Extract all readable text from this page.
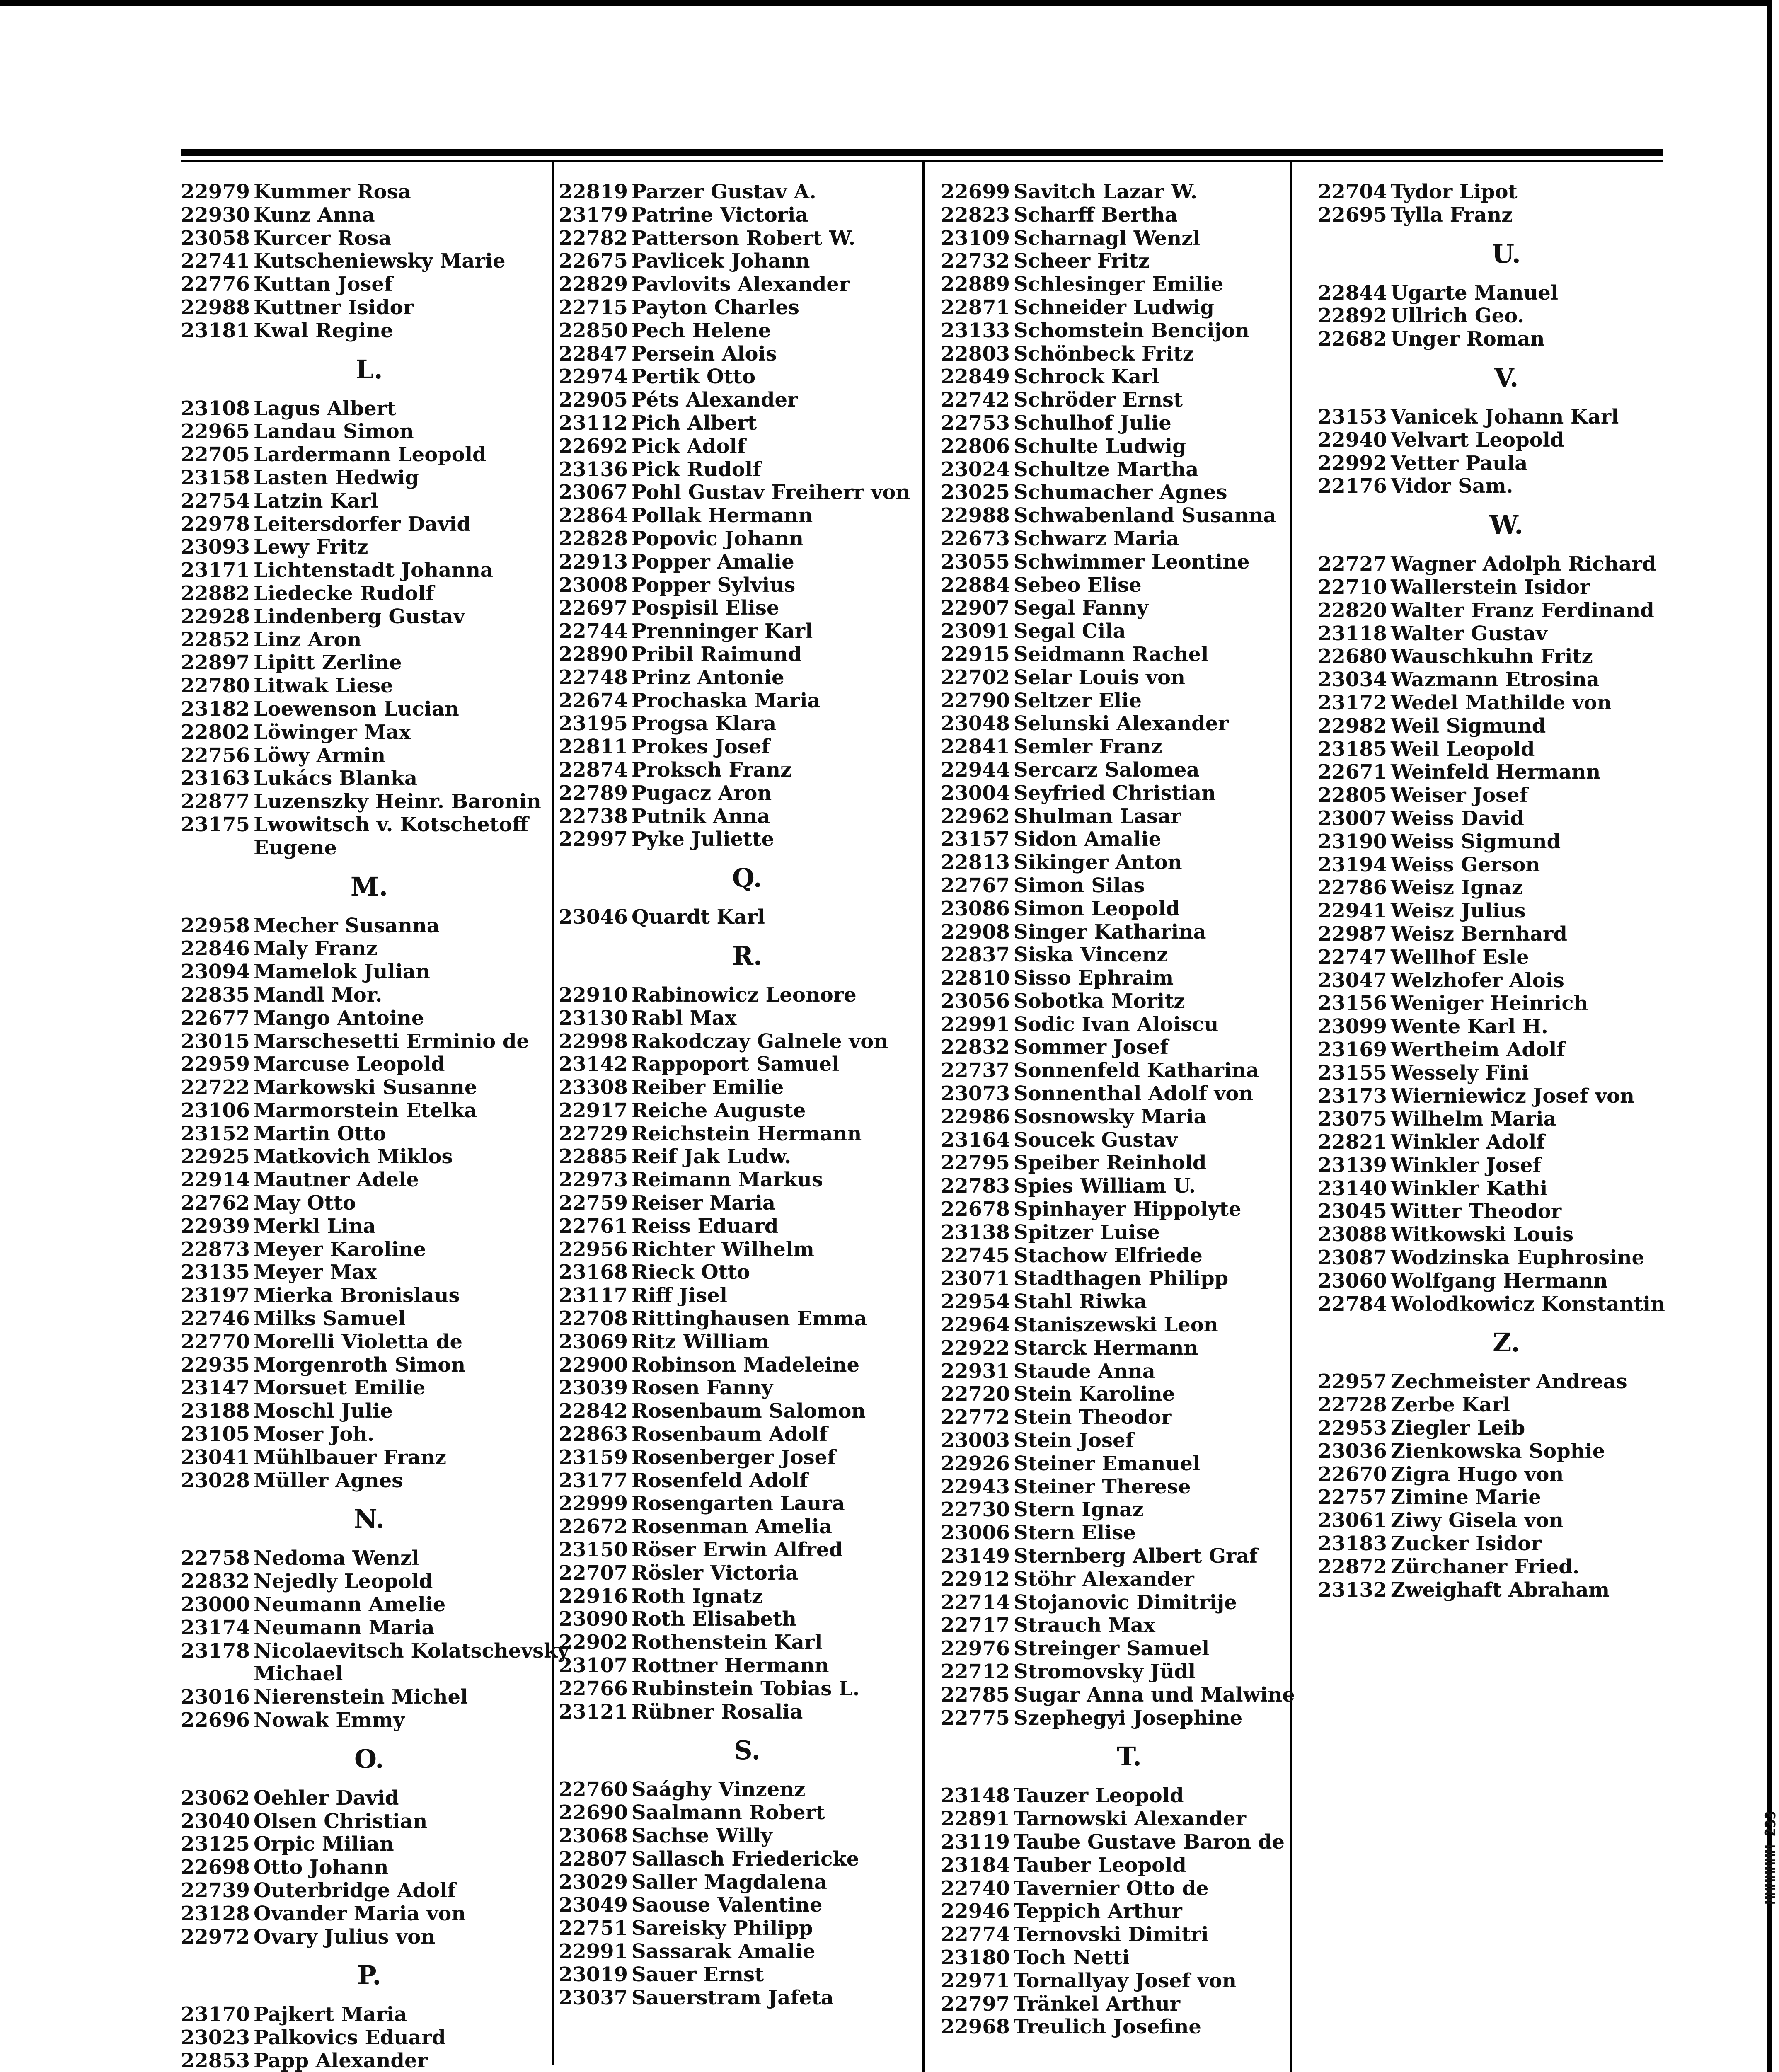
22979 Kummer Rosa
22930 Kunz Anna
23058 Kurcer Rosa
22741 Kutscheniewsky Marie
22776 Kuttan Josef
22988 Kuttner Isidor
23181 Kwal Regine
L.
23108 Lagus Albert
22965 Landau Simon
22705 Lardermann Leopold
23158 Lasten Hedwig
22754 Latzin Karl
22978 Leitersdorfer David
23093 Lewy Fritz
23171 Lichtenstadt Johanna
22882 Liedecke Rudolf
22928 Lindenberg Gustav
22852 Linz Aron
22897 Lipitt Zerline
22780 Litwak Liese
23182 Loewenson Lucian
22802 Löwinger Max
22756 Löwy Armin
23163 Lukács Blanka
22877 Luzenszky Heinr. Baronin
23175 Lwowitsch v. Kotschetoff
Eugene
M.
22958 Mecher Susanna
22846 Maly Franz
23094 Mamelok Julian
22835 Mandl Mor.
22677 Mango Antoine
23015 Marschesetti Erminio de
22959 Marcuse Leopold
22722 Markowski Susanne
23106 Marmorstein Etelka
23152 Martin Otto
22925 Matkovich Miklos
22914 Mautner Adele
22762 May Otto
22939 Merkl Lina
22873 Meyer Karoline
23135 Meyer Max
23197 Mierka Bronislaus
22746 Milks Samuel
22770 Morelli Violetta de
22935 Morgenroth Simon
23147 Morsuet Emilie
23188 Moschl Julie
23105 Moser Joh.
23041 Mühlbauer Franz
23028 Müller Agnes
N.
22758 Nedoma Wenzl
22832 Nejedly Leopold
23000 Neumann Amelie
23174 Neumann Maria
23178 Nicolaevitsch Kolatschevsky
Michael
23016 Nierenstein Michel
22696 Nowak Emmy
O.
23062 Oehler David
23040 Olsen Christian
23125 Orpic Milian
22698 Otto Johann
22739 Outerbridge Adolf
23128 Ovander Maria von
22972 Ovary Julius von
P.
23170 Pajkert Maria
23023 Palkovics Eduard
22853 Papp Alexander
22819 Parzer Gustav A.
23179 Patrine Victoria
22782 Patterson Robert W.
22675 Pavlicek Johann
22829 Pavlovits Alexander
22715 Payton Charles
22850 Pech Helene
22847 Persein Alois
22974 Pertik Otto
22905 Péts Alexander
23112 Pich Albert
22692 Pick Adolf
23136 Pick Rudolf
23067 Pohl Gustav Freiherr von
22864 Pollak Hermann
22828 Popovic Johann
22913 Popper Amalie
23008 Popper Sylvius
22697 Pospisil Elise
22744 Prenninger Karl
22890 Pribil Raimund
22748 Prinz Antonie
22674 Prochaska Maria
23195 Progsa Klara
22811 Prokes Josef
22874 Proksch Franz
22789 Pugacz Aron
22738 Putnik Anna
22997 Pyke Juliette
Q.
23046 Quardt Karl
R.
22910 Rabinowicz Leonore
23130 Rabl Max
22998 Rakodczay Galnele von
23142 Rappoport Samuel
23308 Reiber Emilie
22917 Reiche Auguste
22729 Reichstein Hermann
22885 Reif Jak Ludw.
22973 Reimann Markus
22759 Reiser Maria
22761 Reiss Eduard
22956 Richter Wilhelm
23168 Rieck Otto
23117 Riff Jisel
22708 Rittinghausen Emma
23069 Ritz William
22900 Robinson Madeleine
23039 Rosen Fanny
22842 Rosenbaum Salomon
22863 Rosenbaum Adolf
23159 Rosenberger Josef
23177 Rosenfeld Adolf
22999 Rosengarten Laura
22672 Rosenman Amelia
23150 Röser Erwin Alfred
22707 Rösler Victoria
22916 Roth Ignatz
23090 Roth Elisabeth
22902 Rothenstein Karl
23107 Rottner Hermann
22766 Rubinstein Tobias L.
23121 Rübner Rosalia
S.
22760 Saághy Vinzenz
22690 Saalmann Robert
23068 Sachse Willy
22807 Sallasch Friedericke
23029 Saller Magdalena
23049 Saouse Valentine
22751 Sareisky Philipp
22991 Sassarak Amalie
23019 Sauer Ernst
23037 Sauerstram Jafeta
22699 Savitch Lazar W.
22823 Scharff Bertha
23109 Scharnagl Wenzl
22732 Scheer Fritz
22889 Schlesinger Emilie
22871 Schneider Ludwig
23133 Schomstein Bencijon
22803 Schönbeck Fritz
22849 Schrock Karl
22742 Schröder Ernst
22753 Schulhof Julie
22806 Schulte Ludwig
23024 Schultze Martha
23025 Schumacher Agnes
22988 Schwabenland Susanna
22673 Schwarz Maria
23055 Schwimmer Leontine
22884 Sebeo Elise
22907 Segal Fanny
23091 Segal Cila
22915 Seidmann Rachel
22702 Selar Louis von
22790 Seltzer Elie
23048 Selunski Alexander
22841 Semler Franz
22944 Sercarz Salomea
23004 Seyfried Christian
22962 Shulman Lasar
23157 Sidon Amalie
22813 Sikinger Anton
22767 Simon Silas
23086 Simon Leopold
22908 Singer Katharina
22837 Siska Vincenz
22810 Sisso Ephraim
23056 Sobotka Moritz
22991 Sodic Ivan Aloiscu
22832 Sommer Josef
22737 Sonnenfeld Katharina
23073 Sonnenthal Adolf von
22986 Sosnowsky Maria
23164 Soucek Gustav
22795 Speiber Reinhold
22783 Spies William U.
22678 Spinhayer Hippolyte
23138 Spitzer Luise
22745 Stachow Elfriede
23071 Stadthagen Philipp
22954 Stahl Riwka
22964 Staniszewski Leon
22922 Starck Hermann
22931 Staude Anna
22720 Stein Karoline
22772 Stein Theodor
23003 Stein Josef
22926 Steiner Emanuel
22943 Steiner Therese
22730 Stern Ignaz
23006 Stern Elise
23149 Sternberg Albert Graf
22912 Stöhr Alexander
22714 Stojanovic Dimitrije
22717 Strauch Max
22976 Streinger Samuel
22712 Stromovsky Jüdl
22785 Sugar Anna und Malwine
22775 Szephegyi Josephine
T.
23148 Tauzer Leopold
22891 Tarnowski Alexander
23119 Taube Gustave Baron de
23184 Tauber Leopold
22740 Tavernier Otto de
22946 Teppich Arthur
22774 Ternovski Dimitri
23180 Toch Netti
22971 Tornallyay Josef von
22797 Tränkel Arthur
22968 Treulich Josefine
22704 Tydor Lipot
22695 Tylla Franz
U.
22844 Ugarte Manuel
22892 Ullrich Geo.
22682 Unger Roman
V.
23153 Vanicek Johann Karl
22940 Velvart Leopold
22992 Vetter Paula
22176 Vidor Sam.
W.
22727 Wagner Adolph Richard
22710 Wallerstein Isidor
22820 Walter Franz Ferdinand
23118 Walter Gustav
22680 Wauschkuhn Fritz
23034 Wazmann Etrosina
23172 Wedel Mathilde von
22982 Weil Sigmund
23185 Weil Leopold
22671 Weinfeld Hermann
22805 Weiser Josef
23007 Weiss David
23190 Weiss Sigmund
23194 Weiss Gerson
22786 Weisz Ignaz
22941 Weisz Julius
22987 Weisz Bernhard
22747 Wellhof Esle
23047 Welzhofer Alois
23156 Weniger Heinrich
23099 Wente Karl H.
23169 Wertheim Adolf
23155 Wessely Fini
23173 Wierniewicz Josef von
23075 Wilhelm Maria
22821 Winkler Adolf
23139 Winkler Josef
23140 Winkler Kathi
23045 Witter Theodor
23088 Witkowski Louis
23087 Wodzinska Euphrosine
23060 Wolfgang Hermann
22784 Wolodkowicz Konstantin
Z.
22957 Zechmeister Andreas
22728 Zerbe Karl
22953 Ziegler Leib
23036 Zienkowska Sophie
22670 Zigra Hugo von
22757 Zimine Marie
23061 Ziwy Gisela von
23183 Zucker Isidor
22872 Zürchaner Fried.
23132 Zweighaft Abraham
MMMMMMM 233
